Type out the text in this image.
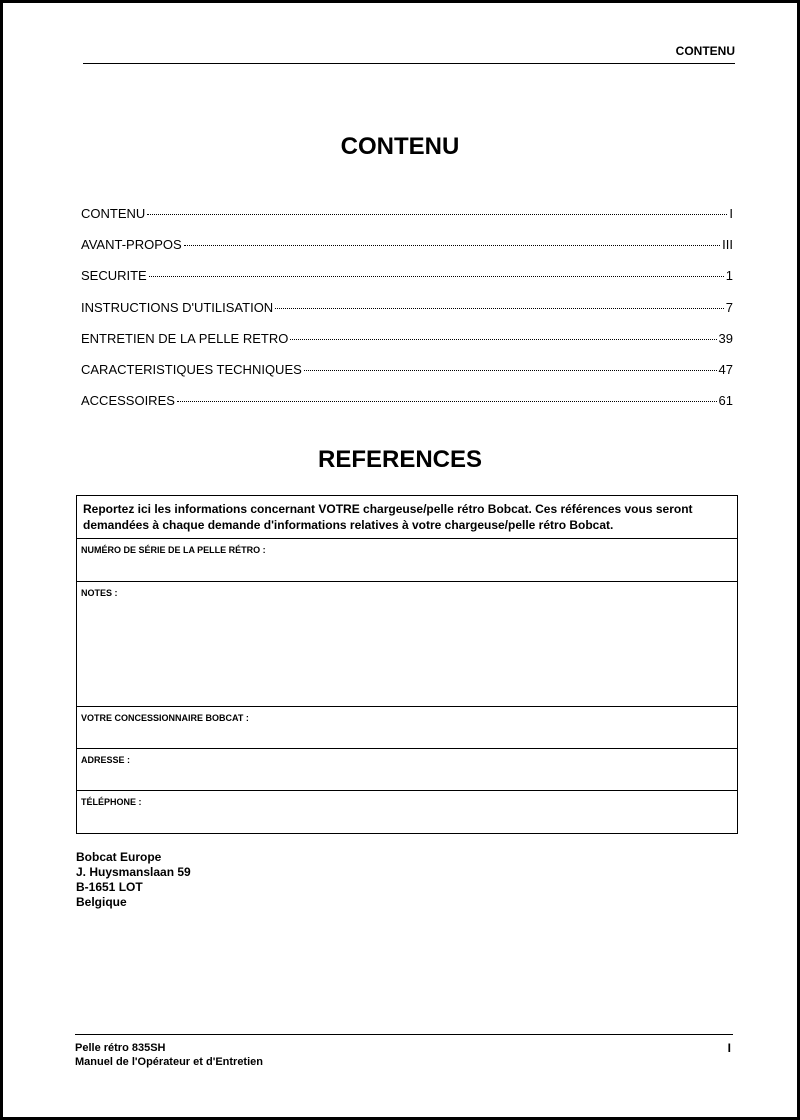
CONTENU
CONTENU
CONTENU	I
AVANT-PROPOS	III
SECURITE	1
INSTRUCTIONS D'UTILISATION	7
ENTRETIEN DE LA PELLE RETRO	39
CARACTERISTIQUES TECHNIQUES	47
ACCESSOIRES	61
REFERENCES
Reportez ici les informations concernant VOTRE chargeuse/pelle rétro Bobcat. Ces références vous seront demandées à chaque demande d'informations relatives à votre chargeuse/pelle rétro Bobcat.
NUMÉRO DE SÉRIE DE LA PELLE RÉTRO :
NOTES :
VOTRE CONCESSIONNAIRE BOBCAT :
ADRESSE :
TÉLÉPHONE :
Bobcat Europe
J. Huysmanslaan 59
B-1651 LOT
Belgique
Pelle rétro 835SH
Manuel de l'Opérateur et d'Entretien
I
